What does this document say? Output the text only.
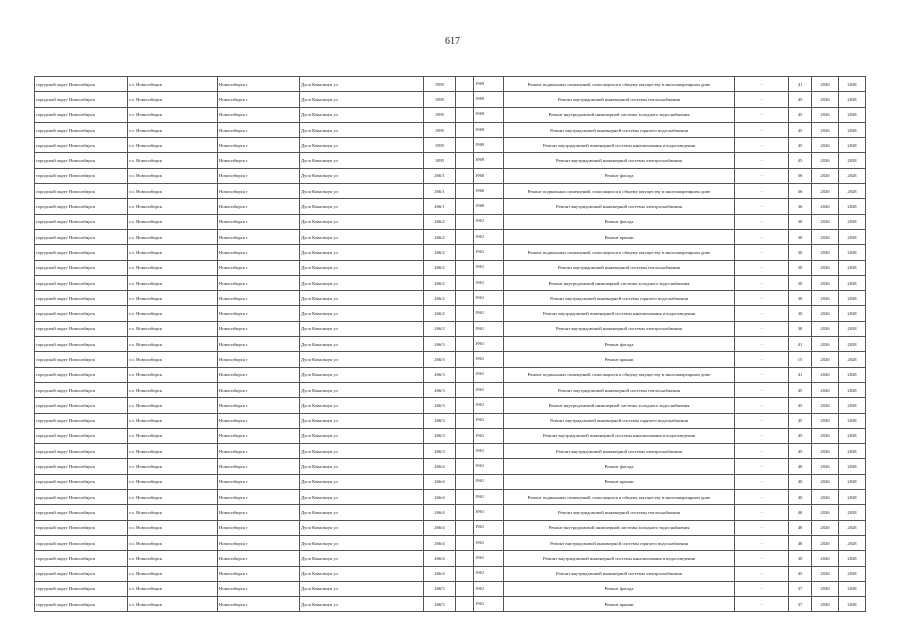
617
городской округ Новосибирск	г.о. Новосибирск	Новосибирск г	Дуси Ковальчук ул	1895		1969	Ремонт подвальных помещений, относящихся к общему имуществу в многоквартирном доме	-	41	2026	2028
городской округ Новосибирск	г.о. Новосибирск	Новосибирск г	Дуси Ковальчук ул	1895		1969	Ремонт внутридомовой инженерной системы теплоснабжения	-	45	2026	2028
городской округ Новосибирск	г.о. Новосибирск	Новосибирск г	Дуси Ковальчук ул	1895		1969	Ремонт внутридомовой инженерной системы холодного водоснабжения	-	45	2026	2028
городской округ Новосибирск	г.о. Новосибирск	Новосибирск г	Дуси Ковальчук ул	1895		1969	Ремонт внутридомовой инженерной системы горячего водоснабжения	-	45	2026	2028
городской округ Новосибирск	г.о. Новосибирск	Новосибирск г	Дуси Ковальчук ул	1895		1969	Ремонт внутридомовой инженерной системы канализования и водоотведения	-	45	2026	2028
городской округ Новосибирск	г.о. Новосибирск	Новосибирск г	Дуси Ковальчук ул	1895		1969	Ремонт внутридомовой инженерной системы электроснабжения	-	45	2026	2028
городской округ Новосибирск	г.о. Новосибирск	Новосибирск г	Дуси Ковальчук ул	266/1		1960	Ремонт фасада	-	36	2026	2028
городской округ Новосибирск	г.о. Новосибирск	Новосибирск г	Дуси Ковальчук ул	266/1		1960	Ремонт подвальных помещений, относящихся к общему имуществу в многоквартирном доме	-	36	2026	2028
городской округ Новосибирск	г.о. Новосибирск	Новосибирск г	Дуси Ковальчук ул	266/1		1960	Ремонт внутридомовой инженерной системы электроснабжения	-	36	2026	2028
городской округ Новосибирск	г.о. Новосибирск	Новосибирск г	Дуси Ковальчук ул	266/2		1961	Ремонт фасада	-	30	2026	2028
городской округ Новосибирск	г.о. Новосибирск	Новосибирск г	Дуси Ковальчук ул	266/2		1961	Ремонт крыши	-	30	2026	2028
городской округ Новосибирск	г.о. Новосибирск	Новосибирск г	Дуси Ковальчук ул	266/2		1961	Ремонт подвальных помещений, относящихся к общему имуществу в многоквартирном доме	-	30	2026	2028
городской округ Новосибирск	г.о. Новосибирск	Новосибирск г	Дуси Ковальчук ул	266/2		1961	Ремонт внутридомовой инженерной системы теплоснабжения	-	30	2026	2028
городской округ Новосибирск	г.о. Новосибирск	Новосибирск г	Дуси Ковальчук ул	266/2		1961	Ремонт внутридомовой инженерной системы холодного водоснабжения	-	30	2026	2028
городской округ Новосибирск	г.о. Новосибирск	Новосибирск г	Дуси Ковальчук ул	266/2		1961	Ремонт внутридомовой инженерной системы горячего водоснабжения	-	30	2026	2028
городской округ Новосибирск	г.о. Новосибирск	Новосибирск г	Дуси Ковальчук ул	266/2		1961	Ремонт внутридомовой инженерной системы канализования и водоотведения	-	30	2026	2028
городской округ Новосибирск	г.о. Новосибирск	Новосибирск г	Дуси Ковальчук ул	266/2		1961	Ремонт внутридомовой инженерной системы электроснабжения	-	30	2026	2028
городской округ Новосибирск	г.о. Новосибирск	Новосибирск г	Дуси Ковальчук ул	266/3		1961	Ремонт фасада	-	41	2026	2028
городской округ Новосибирск	г.о. Новосибирск	Новосибирск г	Дуси Ковальчук ул	266/3		1961	Ремонт крыши	-	15	2026	2028
городской округ Новосибирск	г.о. Новосибирск	Новосибирск г	Дуси Ковальчук ул	266/3		1961	Ремонт подвальных помещений, относящихся к общему имуществу в многоквартирном доме	-	41	2026	2028
городской округ Новосибирск	г.о. Новосибирск	Новосибирск г	Дуси Ковальчук ул	266/3		1961	Ремонт внутридомовой инженерной системы теплоснабжения	-	45	2026	2028
городской округ Новосибирск	г.о. Новосибирск	Новосибирск г	Дуси Ковальчук ул	266/3		1961	Ремонт внутридомовой инженерной системы холодного водоснабжения	-	45	2026	2028
городской округ Новосибирск	г.о. Новосибирск	Новосибирск г	Дуси Ковальчук ул	266/3		1961	Ремонт внутридомовой инженерной системы горячего водоснабжения	-	45	2026	2028
городской округ Новосибирск	г.о. Новосибирск	Новосибирск г	Дуси Ковальчук ул	266/3		1961	Ремонт внутридомовой инженерной системы канализования и водоотведения	-	45	2026	2028
городской округ Новосибирск	г.о. Новосибирск	Новосибирск г	Дуси Ковальчук ул	266/3		1961	Ремонт внутридомовой инженерной системы электроснабжения	-	45	2026	2028
городской округ Новосибирск	г.о. Новосибирск	Новосибирск г	Дуси Ковальчук ул	266/4		1961	Ремонт фасада	-	40	2026	2028
городской округ Новосибирск	г.о. Новосибирск	Новосибирск г	Дуси Ковальчук ул	266/4		1961	Ремонт крыши	-	40	2026	2028
городской округ Новосибирск	г.о. Новосибирск	Новосибирск г	Дуси Ковальчук ул	266/4		1961	Ремонт подвальных помещений, относящихся к общему имуществу в многоквартирном доме	-	40	2026	2028
городской округ Новосибирск	г.о. Новосибирск	Новосибирск г	Дуси Ковальчук ул	266/4		1961	Ремонт внутридомовой инженерной системы теплоснабжения	-	40	2026	2028
городской округ Новосибирск	г.о. Новосибирск	Новосибирск г	Дуси Ковальчук ул	266/4		1961	Ремонт внутридомовой инженерной системы холодного водоснабжения	-	40	2026	2028
городской округ Новосибирск	г.о. Новосибирск	Новосибирск г	Дуси Ковальчук ул	266/4		1961	Ремонт внутридомовой инженерной системы горячего водоснабжения	-	40	2026	2028
городской округ Новосибирск	г.о. Новосибирск	Новосибирск г	Дуси Ковальчук ул	266/4		1961	Ремонт внутридомовой инженерной системы канализования и водоотведения	-	30	2026	2028
городской округ Новосибирск	г.о. Новосибирск	Новосибирск г	Дуси Ковальчук ул	266/4		1961	Ремонт внутридомовой инженерной системы электроснабжения	-	45	2026	2028
городской округ Новосибирск	г.о. Новосибирск	Новосибирск г	Дуси Ковальчук ул	266/5		1961	Ремонт фасада	-	37	2026	2028
городской округ Новосибирск	г.о. Новосибирск	Новосибирск г	Дуси Ковальчук ул	266/5		1961	Ремонт крыши	-	37	2026	2028
